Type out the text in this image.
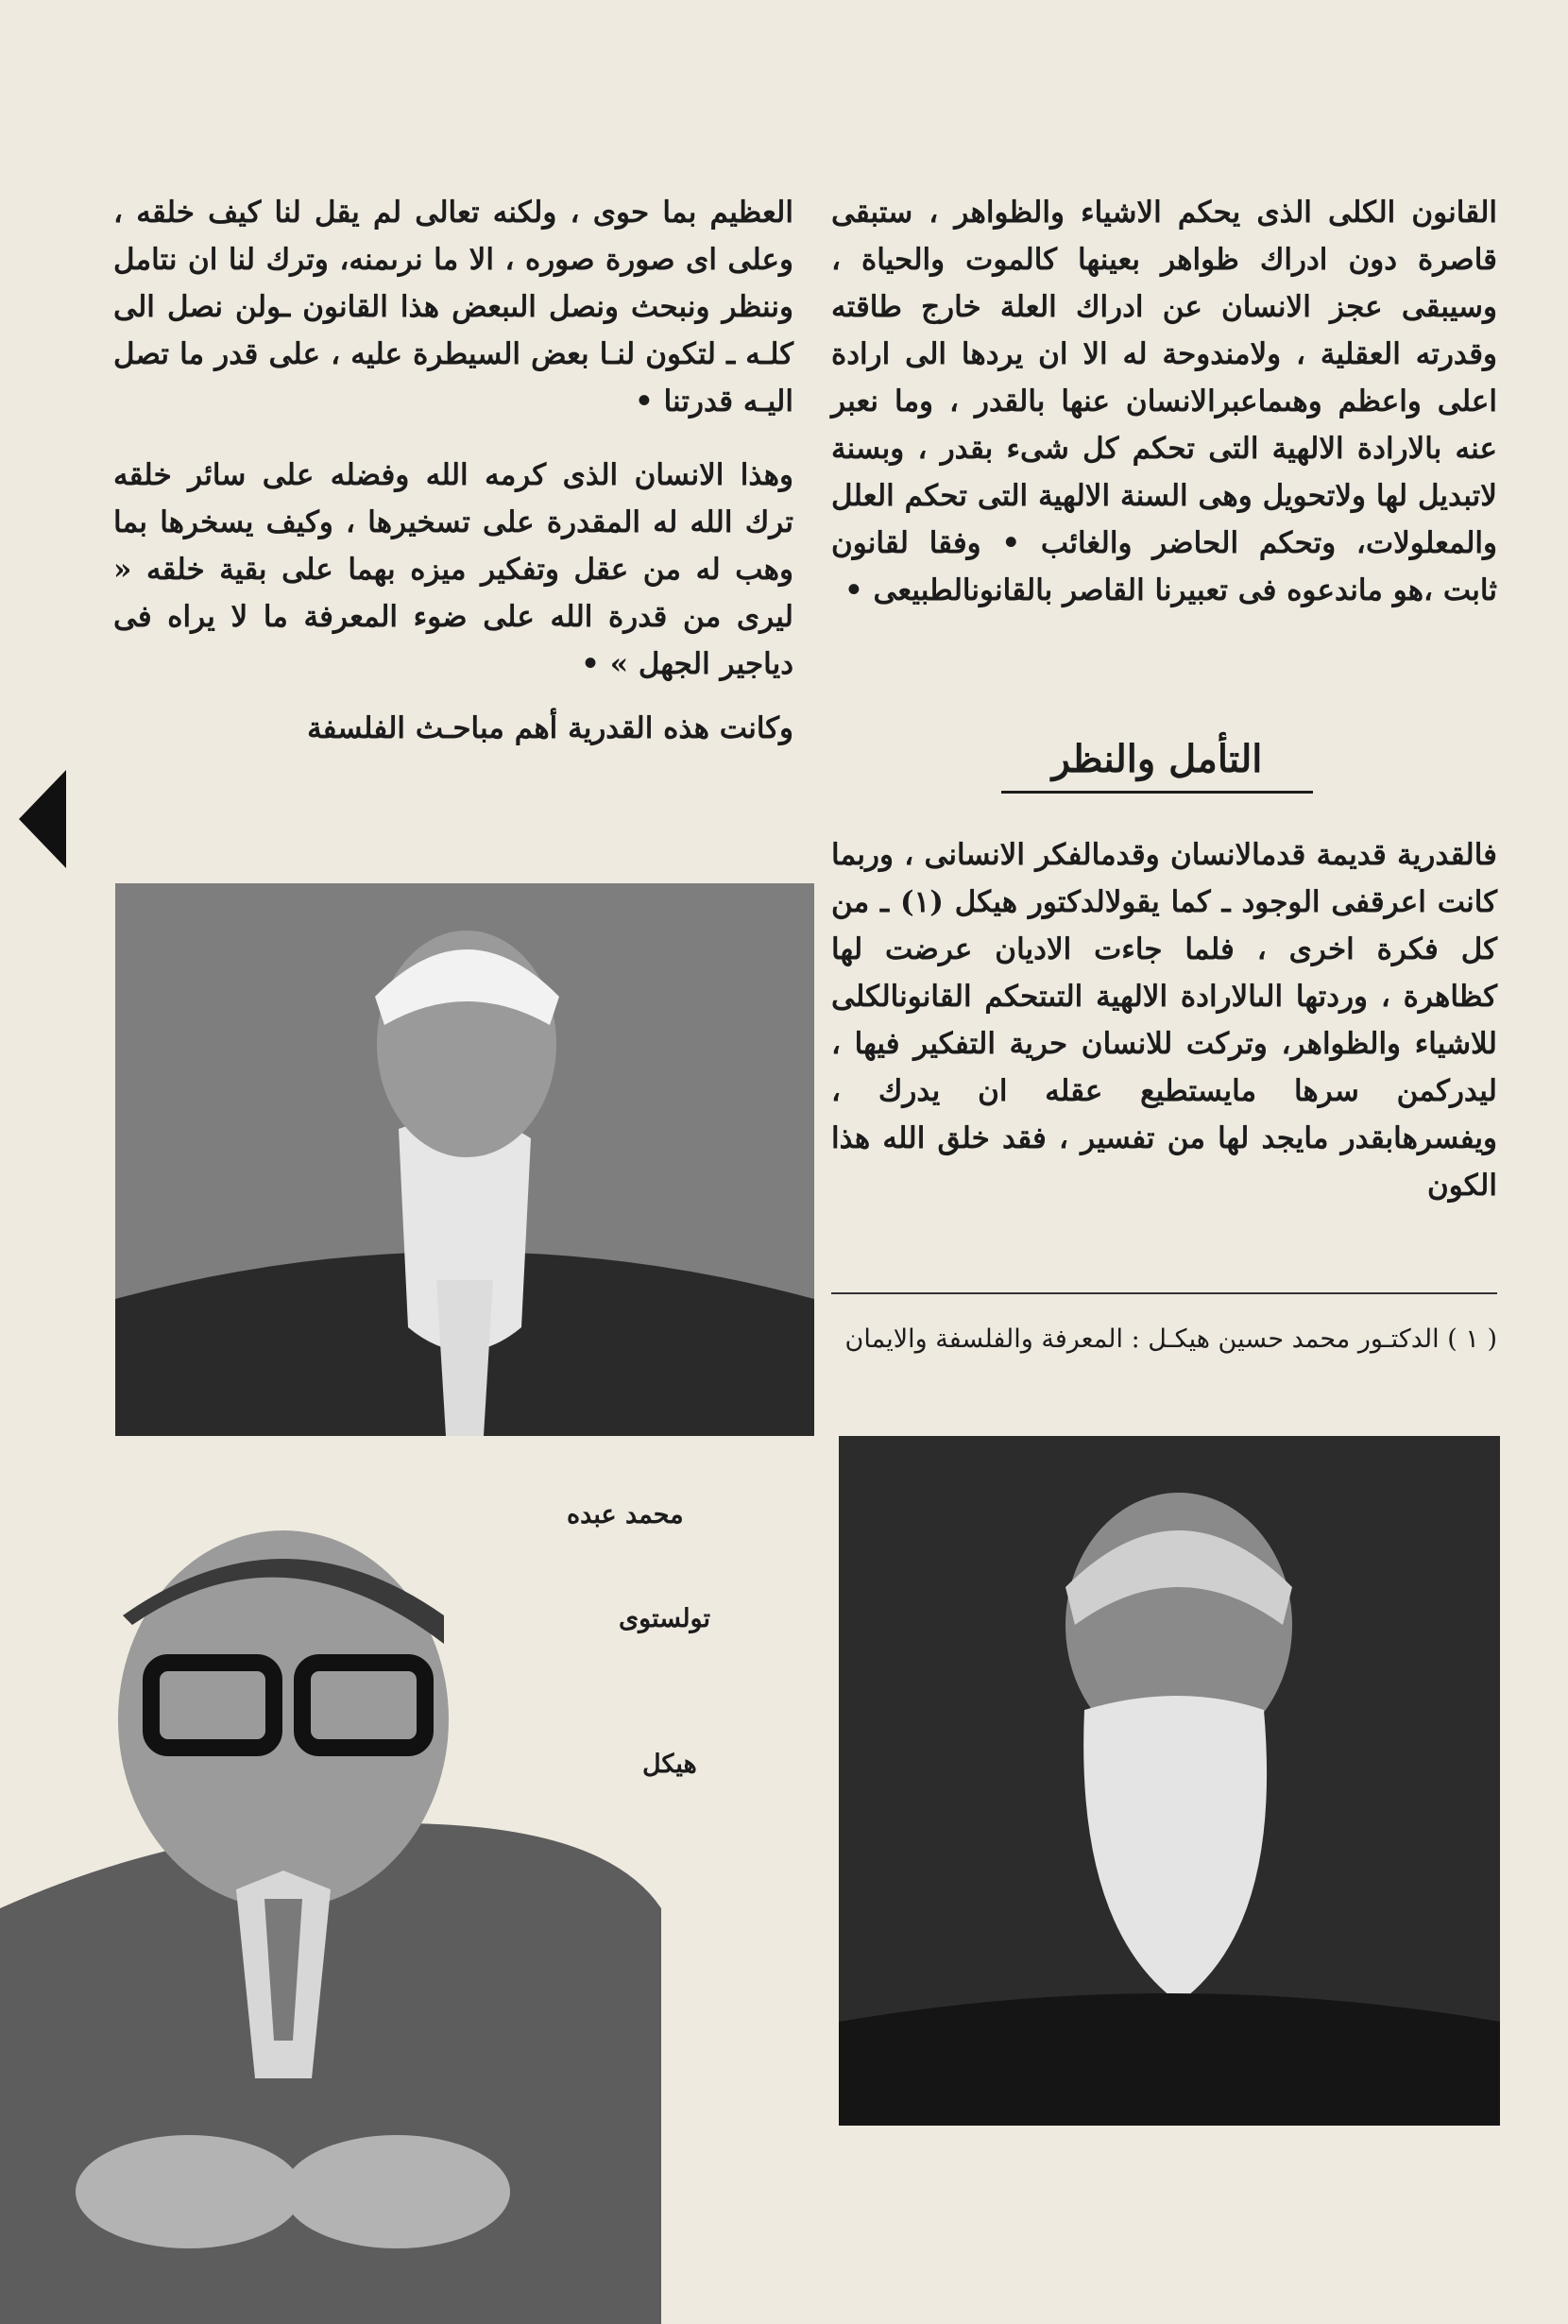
القانون الكلى الذى يحكم الاشياء والظواهر ، ستبقى قاصرة دون ادراك ظواهر بعينها كالموت والحياة ، وسيبقى عجز الانسان عن ادراك العلة خارج طاقته وقدرته العقلية ، ولامندوحة له الا ان يردها الى ارادة اعلى واعظم وهىماعبرالانسان عنها بالقدر ، وما نعبر عنه بالارادة الالهية التى تحكم كل شىء بقدر ، وبسنة لاتبديل لها ولاتحويل وهى السنة الالهية التى تحكم العلل والمعلولات، وتحكم الحاضر والغائب • وفقا لقانون ثابت ،هو ماندعوه فى تعبيرنا القاصر بالقانونالطبيعى •

التأمل والنظر

فالقدرية قديمة قدمالانسان وقدمالفكر الانسانى ، وربما كانت اعرقفى الوجود ـ كما يقولالدكتور هيكل (١) ـ من كل فكرة اخرى ، فلما جاءت الاديان عرضت لها كظاهرة ، وردتها الىالارادة الالهية التىتحكم القانونالكلى للاشياء والظواهر، وتركت للانسان حرية التفكير فيها ، ليدركمن سرها مايستطيع عقله ان يدرك ، ويفسرهابقدر مايجد لها من تفسير ، فقد خلق الله هذا الكون

( ١ ) الدكتـور محمد حسين هيكـل : المعرفة والفلسفة والايمان

العظيم بما حوى ، ولكنه تعالى لم يقل لنا كيف خلقه ، وعلى اى صورة صوره ، الا ما نرىمنه، وترك لنا ان نتامل وننظر ونبحث ونصل الىبعض هذا القانون ـولن نصل الى كلـه ـ لتكون لنـا بعض السيطرة عليه ، على قدر ما تصل اليـه قدرتنا •

وهذا الانسان الذى كرمه الله وفضله على سائر خلقه ترك الله له المقدرة على تسخيرها ، وكيف يسخرها بما وهب له من عقل وتفكير ميزه بهما على بقية خلقه « ليرى من قدرة الله على ضوء المعرفة ما لا يراه فى دياجير الجهل » •

وكانت هذه القدرية أهم مباحـث الفلسفة

محمد عبده
تولستوى
هيكل
